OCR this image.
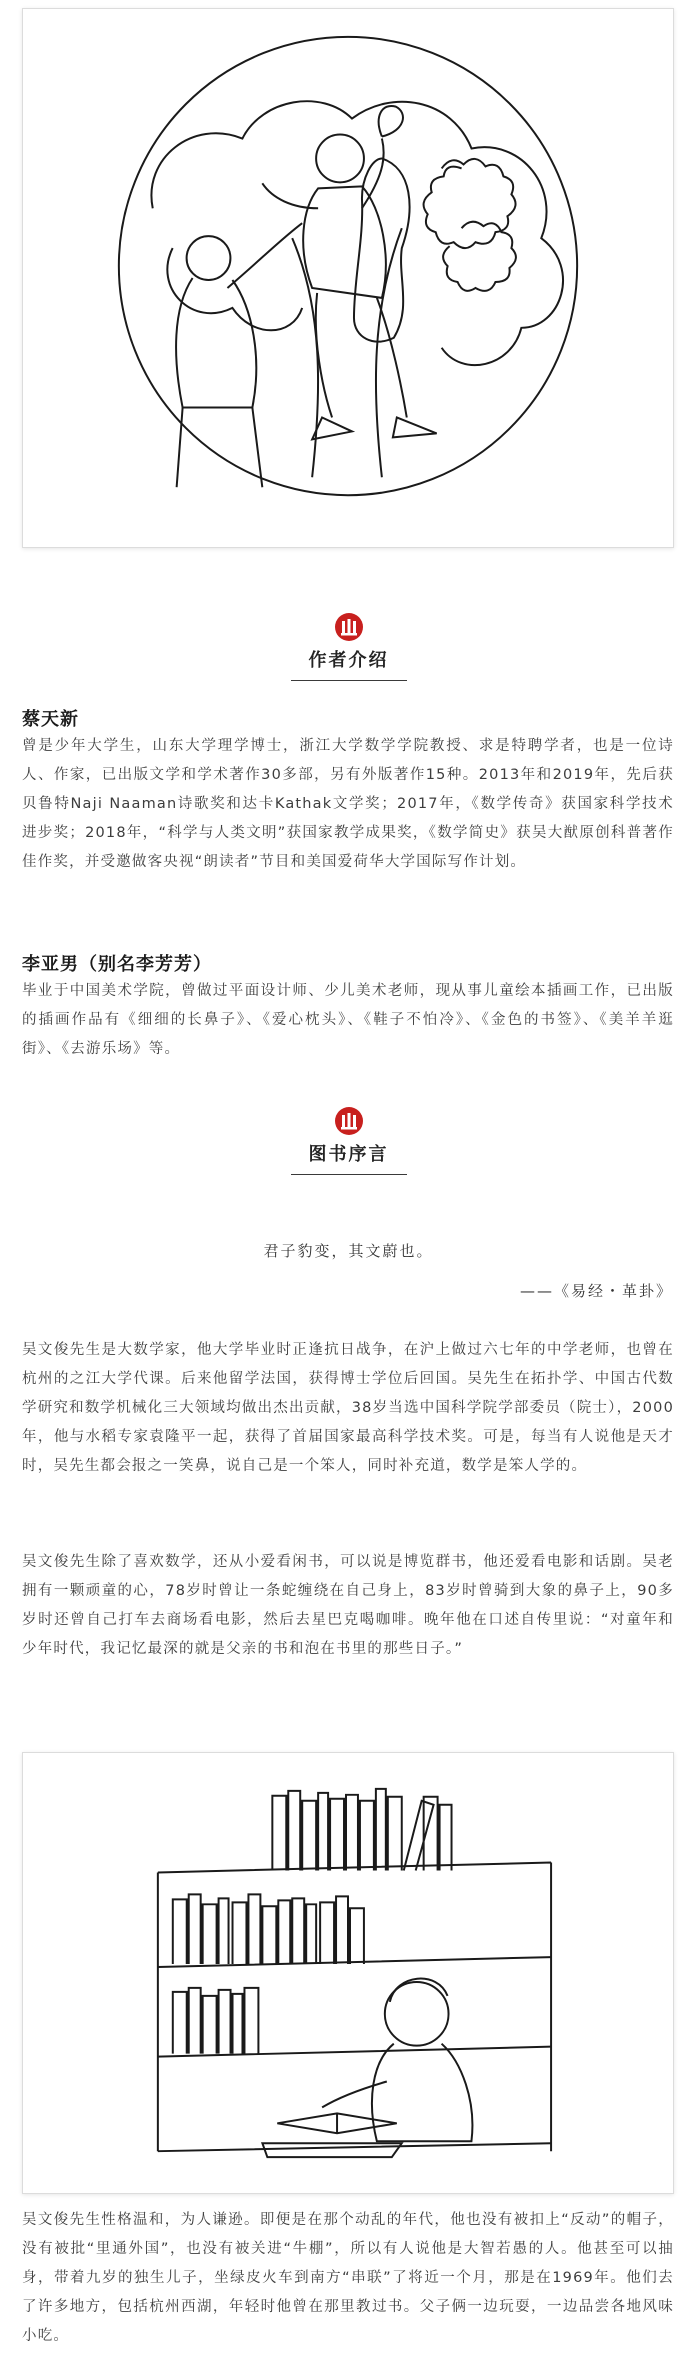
作者介绍
蔡天新

曾是少年大学生，山东大学理学博士，浙江大学数学学院教授、求是特聘学者，也是一位诗人、作家，已出版文学和学术著作30多部，另有外版著作15种。2013年和2019年，先后获贝鲁特Naji Naaman诗歌奖和达卡Kathak文学奖；2017年，《数学传奇》获国家科学技术进步奖；2018年，“科学与人类文明”获国家教学成果奖，《数学简史》获吴大猷原创科普著作佳作奖，并受邀做客央视“朗读者”节目和美国爱荷华大学国际写作计划。

李亚男（别名李芳芳）

毕业于中国美术学院，曾做过平面设计师、少儿美术老师，现从事儿童绘本插画工作，已出版的插画作品有《细细的长鼻子》、《爱心枕头》、《鞋子不怕冷》、《金色的书签》、《美羊羊逛街》、《去游乐场》等。

图书序言
君子豹变，其文蔚也。
——《易经・革卦》

吴文俊先生是大数学家，他大学毕业时正逢抗日战争，在沪上做过六七年的中学老师，也曾在杭州的之江大学代课。后来他留学法国，获得博士学位后回国。吴先生在拓扑学、中国古代数学研究和数学机械化三大领域均做出杰出贡献，38岁当选中国科学院学部委员（院士），2000年，他与水稻专家袁隆平一起，获得了首届国家最高科学技术奖。可是，每当有人说他是天才时，吴先生都会报之一笑鼻，说自己是一个笨人，同时补充道，数学是笨人学的。

吴文俊先生除了喜欢数学，还从小爱看闲书，可以说是博览群书，他还爱看电影和话剧。吴老拥有一颗顽童的心，78岁时曾让一条蛇缠绕在自己身上，83岁时曾骑到大象的鼻子上，90多岁时还曾自己打车去商场看电影，然后去星巴克喝咖啡。晚年他在口述自传里说：“对童年和少年时代，我记忆最深的就是父亲的书和泡在书里的那些日子。”

吴文俊先生性格温和，为人谦逊。即便是在那个动乱的年代，他也没有被扣上“反动”的帽子，没有被批“里通外国”，也没有被关进“牛棚”，所以有人说他是大智若愚的人。他甚至可以抽身，带着九岁的独生儿子，坐绿皮火车到南方“串联”了将近一个月，那是在1969年。他们去了许多地方，包括杭州西湖，年轻时他曾在那里教过书。父子俩一边玩耍，一边品尝各地风味小吃。
